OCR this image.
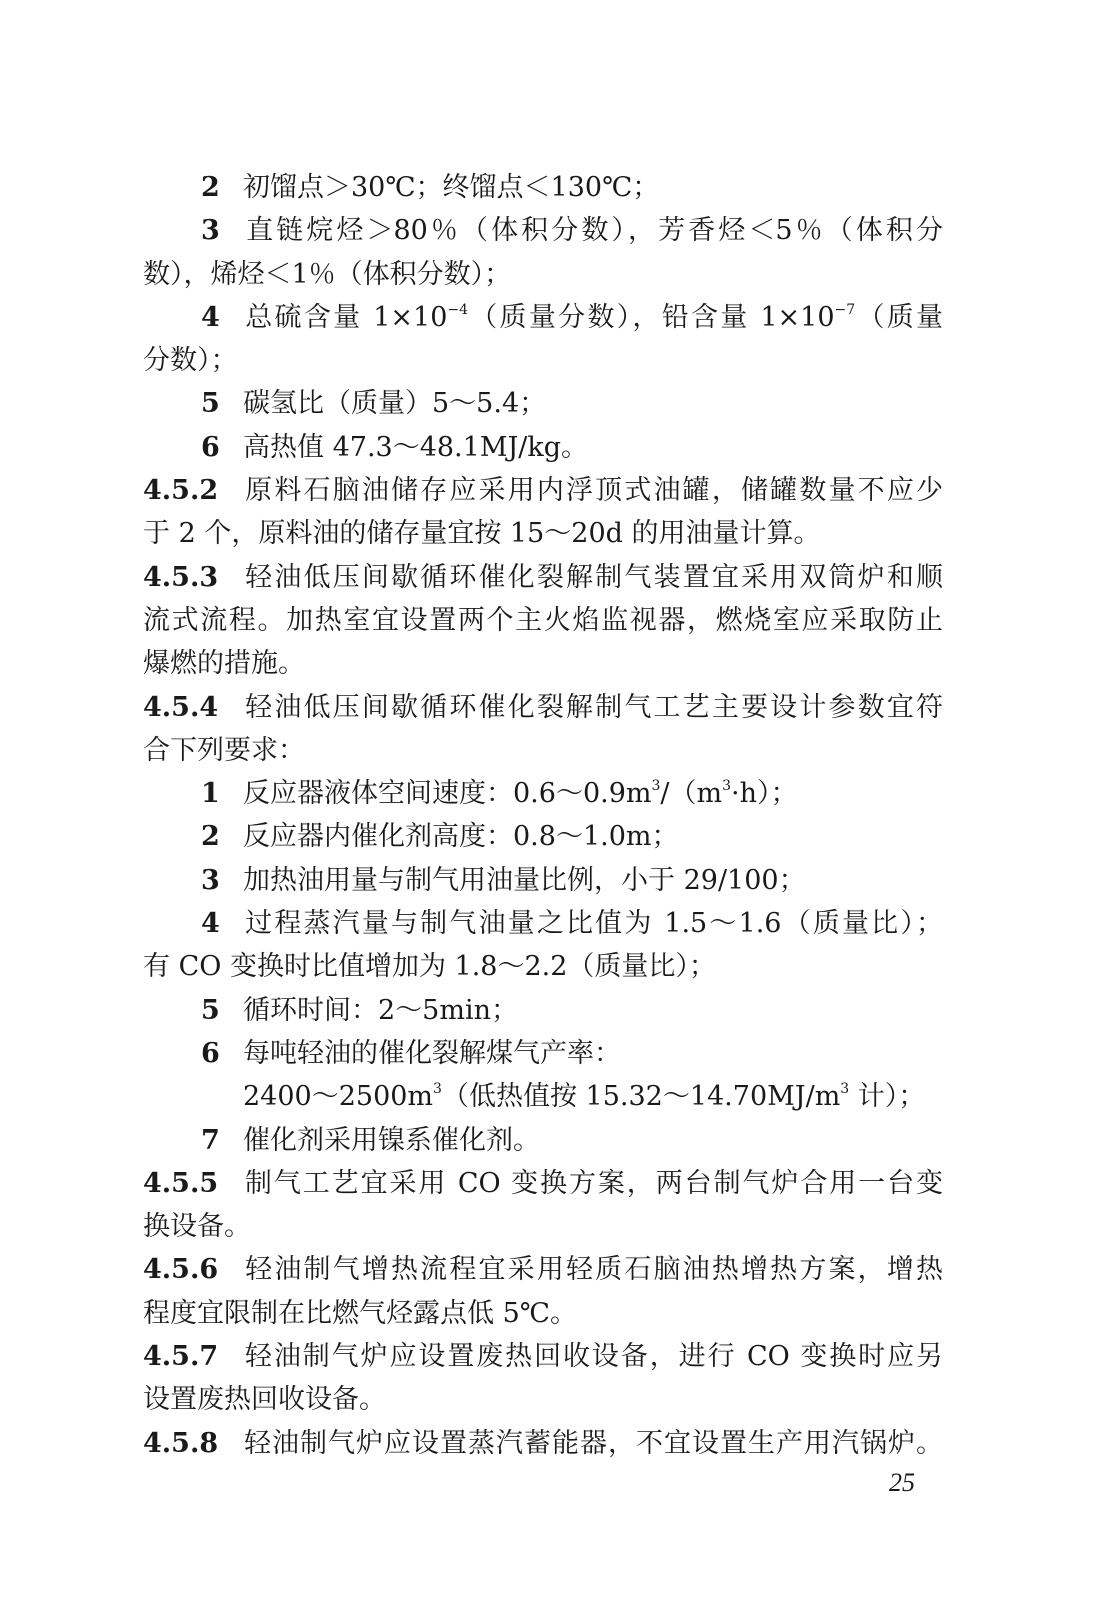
2 初馏点＞30℃；终馏点＜130℃；

3 直链烷烃＞80％（体积分数），芳香烃＜5％（体积分

数），烯烃＜1％（体积分数）；

4 总硫含量 $1\times 10^{-4}$（质量分数），铅含量 $1\times 10^{-7}$（质量

分数）；

5 碳氢比（质量）5～5.4；

6 高热值 47.3～48.1MJ/kg。

4.5.2 原料石脑油储存应采用内浮顶式油罐，储罐数量不应少

于 2 个，原料油的储存量宜按 15～20d 的用油量计算。

4.5.3 轻油低压间歇循环催化裂解制气装置宜采用双筒炉和顺

流式流程。加热室宜设置两个主火焰监视器，燃烧室应采取防止

爆燃的措施。

4.5.4 轻油低压间歇循环催化裂解制气工艺主要设计参数宜符

合下列要求：

1 反应器液体空间速度：$0.6\sim 0.9m^3/(m^3\cdot h)$；

2 反应器内催化剂高度：0.8～1.0m；

3 加热油用量与制气用油量比例，小于 29/100；

4 过程蒸汽量与制气油量之比值为 1.5～1.6（质量比）；

有 CO 变换时比值增加为 1.8～2.2（质量比）；

5 循环时间：2～5min；

6 每吨轻油的催化裂解煤气产率：

$2400\sim 2500m^3$（低热值按 $15.32\sim 14.70MJ/m^3$ 计）；

7 催化剂采用镍系催化剂。

4.5.5 制气工艺宜采用 CO 变换方案，两台制气炉合用一台变

换设备。

4.5.6 轻油制气增热流程宜采用轻质石脑油热增热方案，增热

程度宜限制在比燃气烃露点低 5℃。

4.5.7 轻油制气炉应设置废热回收设备，进行 CO 变换时应另

设置废热回收设备。

4.5.8 轻油制气炉应设置蒸汽蓄能器，不宜设置生产用汽锅炉。

25
